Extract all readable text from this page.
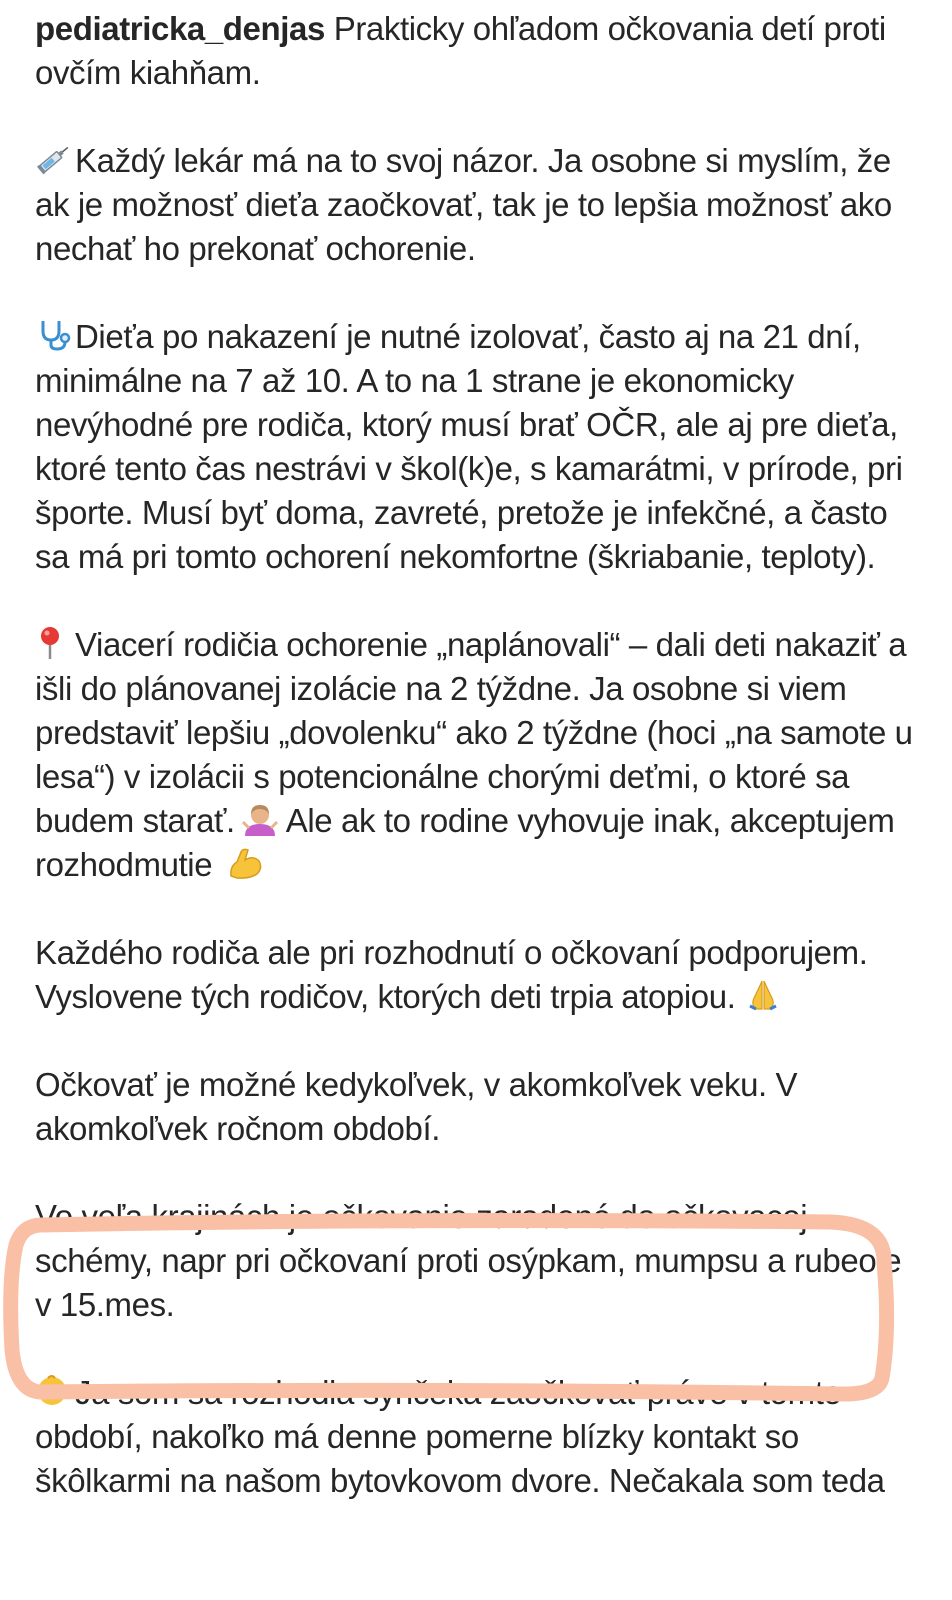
pediatricka_denjas Prakticky ohľadom očkovania detí proti ovčím kiahňam.

Každý lekár má na to svoj názor. Ja osobne si myslím, že ak je možnosť dieťa zaočkovať, tak je to lepšia možnosť ako nechať ho prekonať ochorenie.

Dieťa po nakazení je nutné izolovať, často aj na 21 dní, minimálne na 7 až 10. A to na 1 strane je ekonomicky nevýhodné pre rodiča, ktorý musí brať OČR, ale aj pre dieťa, ktoré tento čas nestrávi v škol(k)e, s kamarátmi, v prírode, pri športe. Musí byť doma, zavreté, pretože je infekčné, a často sa má pri tomto ochorení nekomfortne (škriabanie, teploty).

Viacerí rodičia ochorenie „naplánovali“ – dali deti nakaziť a išli do plánovanej izolácie na 2 týždne. Ja osobne si viem predstaviť lepšiu „dovolenku“ ako 2 týždne (hoci „na samote u lesa“) v izolácii s potencionálne chorými deťmi, o ktoré sa budem starať. Ale ak to rodine vyhovuje inak, akceptujem rozhodmutie

Každého rodiča ale pri rozhodnutí o očkovaní podporujem. Vyslovene tých rodičov, ktorých deti trpia atopiou.

Očkovať je možné kedykoľvek, v akomkoľvek veku. V akomkoľvek ročnom období.

Vo veľa krajinách je očkovanie zaradené do očkovacej schémy, napr pri očkovaní proti osýpkam, mumpsu a rubeole v 15.mes.

Ja som sa rozhodla synčeka zaočkovať práve v tomto období, nakoľko má denne pomerne blízky kontakt so škôlkarmi na našom bytovkovom dvore. Nečakala som teda
